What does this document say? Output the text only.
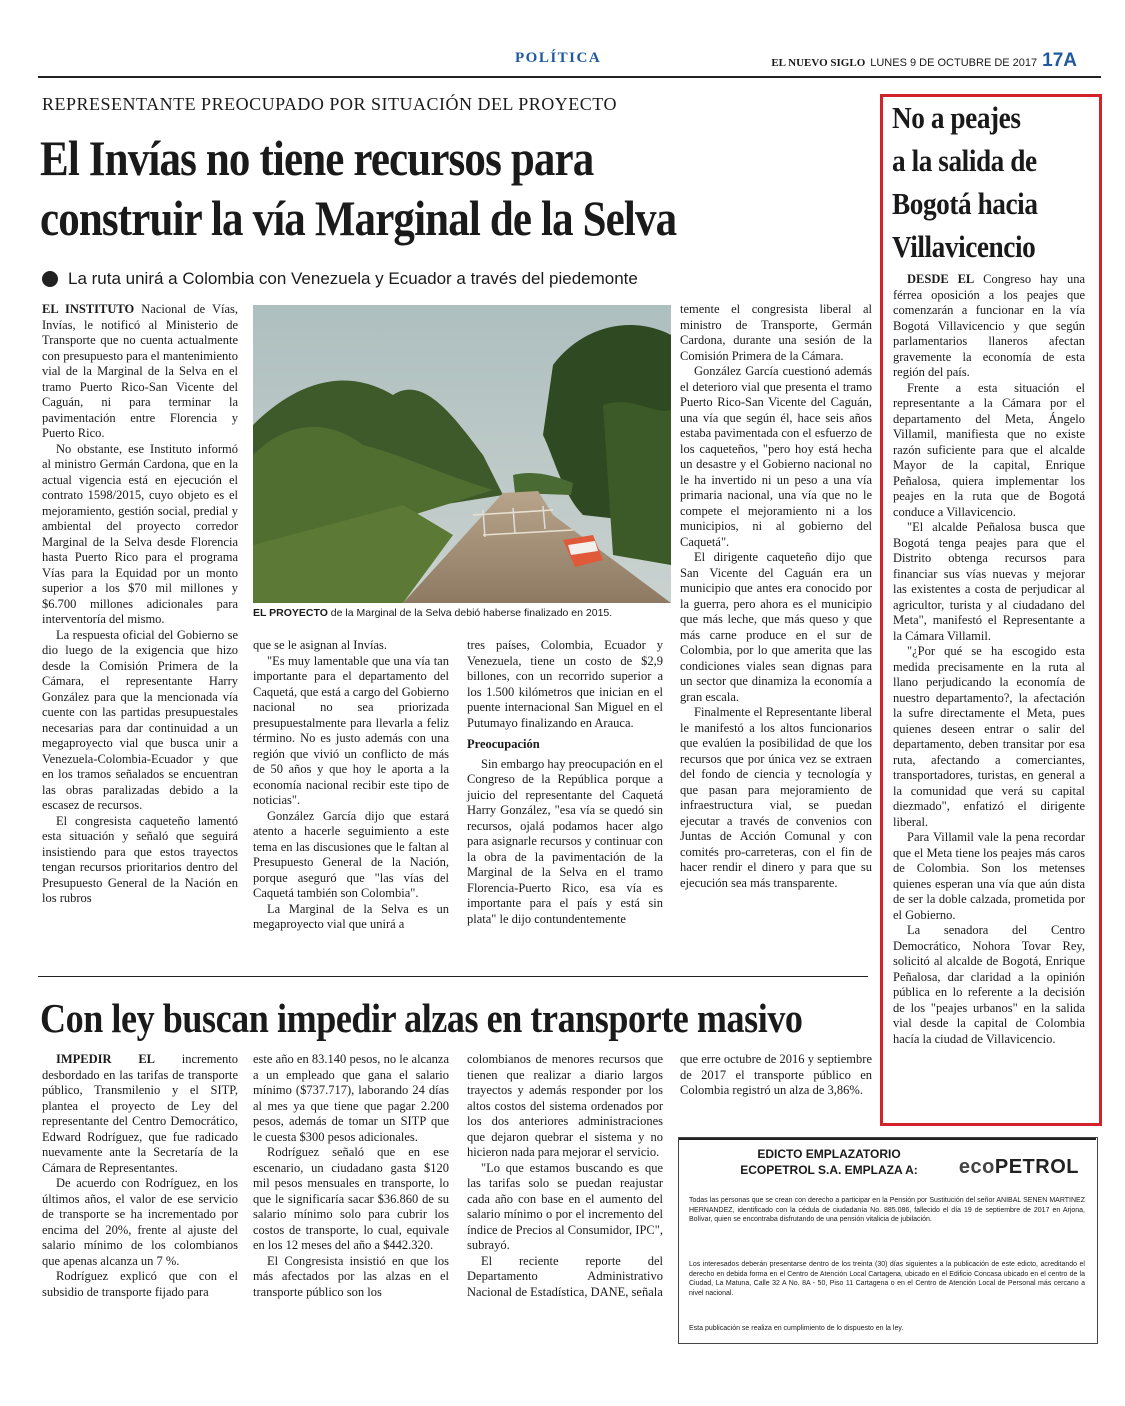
POLÍTICA	EL NUEVO SIGLO LUNES 9 DE OCTUBRE DE 2017 17A
REPRESENTANTE PREOCUPADO POR SITUACIÓN DEL PROYECTO
El Invías no tiene recursos para
construir la vía Marginal de la Selva
La ruta unirá a Colombia con Venezuela y Ecuador a través del piedemonte

EL INSTITUTO Nacional de Vías, Invías, le notificó al Ministerio de Transporte que no cuenta actualmente con presupuesto para el mantenimiento vial de la Marginal de la Selva en el tramo Puerto Rico-San Vicente del Caguán, ni para terminar la pavimentación entre Florencia y Puerto Rico.

No obstante, ese Instituto informó al ministro Germán Cardona, que en la actual vigencia está en ejecución el contrato 1598/2015, cuyo objeto es el mejoramiento, gestión social, predial y ambiental del proyecto corredor Marginal de la Selva desde Florencia hasta Puerto Rico para el programa Vías para la Equidad por un monto superior a los $70 mil millones y $6.700 millones adicionales para interventoría del mismo.

La respuesta oficial del Gobierno se dio luego de la exigencia que hizo desde la Comisión Primera de la Cámara, el representante Harry González para que la mencionada vía cuente con las partidas presupuestales necesarias para dar continuidad a un megaproyecto vial que busca unir a Venezuela-Colombia-Ecuador y que en los tramos señalados se encuentran las obras paralizadas debido a la escasez de recursos.

El congresista caqueteño lamentó esta situación y señaló que seguirá insistiendo para que estos trayectos tengan recursos prioritarios dentro del Presupuesto General de la Nación en los rubros

EL PROYECTO de la Marginal de la Selva debió haberse finalizado en 2015.

que se le asignan al Invías.

"Es muy lamentable que una vía tan importante para el departamento del Caquetá, que está a cargo del Gobierno nacional no sea priorizada presupuestalmente para llevarla a feliz término. No es justo además con una región que vivió un conflicto de más de 50 años y que hoy le aporta a la economía nacional recibir este tipo de noticias".

González García dijo que estará atento a hacerle seguimiento a este tema en las discusiones que le faltan al Presupuesto General de la Nación, porque aseguró que "las vías del Caquetá también son Colombia".

La Marginal de la Selva es un megaproyecto vial que unirá a

tres países, Colombia, Ecuador y Venezuela, tiene un costo de $2,9 billones, con un recorrido superior a los 1.500 kilómetros que inician en el puente internacional San Miguel en el Putumayo finalizando en Arauca.

Preocupación

Sin embargo hay preocupación en el Congreso de la República porque a juicio del representante del Caquetá Harry González, "esa vía se quedó sin recursos, ojalá podamos hacer algo para asignarle recursos y continuar con la obra de la pavimentación de la Marginal de la Selva en el tramo Florencia-Puerto Rico, esa vía es importante para el país y está sin plata" le dijo contundentemente

temente el congresista liberal al ministro de Transporte, Germán Cardona, durante una sesión de la Comisión Primera de la Cámara.

González García cuestionó además el deterioro vial que presenta el tramo Puerto Rico-San Vicente del Caguán, una vía que según él, hace seis años estaba pavimentada con el esfuerzo de los caqueteños, "pero hoy está hecha un desastre y el Gobierno nacional no le ha invertido ni un peso a una vía primaria nacional, una vía que no le compete el mejoramiento ni a los municipios, ni al gobierno del Caquetá".

El dirigente caqueteño dijo que San Vicente del Caguán era un municipio que antes era conocido por la guerra, pero ahora es el municipio que más leche, que más queso y que más carne produce en el sur de Colombia, por lo que amerita que las condiciones viales sean dignas para un sector que dinamiza la economía a gran escala.

Finalmente el Representante liberal le manifestó a los altos funcionarios que evalúen la posibilidad de que los recursos que por única vez se extraen del fondo de ciencia y tecnología y que pasan para mejoramiento de infraestructura vial, se puedan ejecutar a través de convenios con Juntas de Acción Comunal y con comités pro-carreteras, con el fin de hacer rendir el dinero y para que su ejecución sea más transparente.

No a peajes
a la salida de
Bogotá hacia
Villavicencio

DESDE EL Congreso hay una férrea oposición a los peajes que comenzarán a funcionar en la vía Bogotá Villavicencio y que según parlamentarios llaneros afectan gravemente la economía de esta región del país.

Frente a esta situación el representante a la Cámara por el departamento del Meta, Ángelo Villamil, manifiesta que no existe razón suficiente para que el alcalde Mayor de la capital, Enrique Peñalosa, quiera implementar los peajes en la ruta que de Bogotá conduce a Villavicencio.

"El alcalde Peñalosa busca que Bogotá tenga peajes para que el Distrito obtenga recursos para financiar sus vías nuevas y mejorar las existentes a costa de perjudicar al agricultor, turista y al ciudadano del Meta", manifestó el Representante a la Cámara Villamil.

"¿Por qué se ha escogido esta medida precisamente en la ruta al llano perjudicando la economía de nuestro departamento?, la afectación la sufre directamente el Meta, pues quienes deseen entrar o salir del departamento, deben transitar por esa ruta, afectando a comerciantes, transportadores, turistas, en general a la comunidad que verá su capital diezmado", enfatizó el dirigente liberal.

Para Villamil vale la pena recordar que el Meta tiene los peajes más caros de Colombia. Son los metenses quienes esperan una vía que aún dista de ser la doble calzada, prometida por el Gobierno.

La senadora del Centro Democrático, Nohora Tovar Rey, solicitó al alcalde de Bogotá, Enrique Peñalosa, dar claridad a la opinión pública en lo referente a la decisión de los "peajes urbanos" en la salida vial desde la capital de Colombia hacía la ciudad de Villavicencio.

Con ley buscan impedir alzas en transporte masivo

IMPEDIR EL incremento desbordado en las tarifas de transporte público, Transmilenio y el SITP, plantea el proyecto de Ley del representante del Centro Democrático, Edward Rodríguez, que fue radicado nuevamente ante la Secretaría de la Cámara de Representantes.

De acuerdo con Rodríguez, en los últimos años, el valor de ese servicio de transporte se ha incrementado por encima del 20%, frente al ajuste del salario mínimo de los colombianos que apenas alcanza un 7 %.

Rodríguez explicó que con el subsidio de transporte fijado para

este año en 83.140 pesos, no le alcanza a un empleado que gana el salario mínimo ($737.717), laborando 24 días al mes ya que tiene que pagar 2.200 pesos, además de tomar un SITP que le cuesta $300 pesos adicionales.

Rodríguez señaló que en ese escenario, un ciudadano gasta $120 mil pesos mensuales en transporte, lo que le significaría sacar $36.860 de su salario mínimo solo para cubrir los costos de transporte, lo cual, equivale en los 12 meses del año a $442.320.

El Congresista insistió en que los más afectados por las alzas en el transporte público son los

colombianos de menores recursos que tienen que realizar a diario largos trayectos y además responder por los altos costos del sistema ordenados por los dos anteriores administraciones que dejaron quebrar el sistema y no hicieron nada para mejorar el servicio.

"Lo que estamos buscando es que las tarifas solo se puedan reajustar cada año con base en el aumento del salario mínimo o por el incremento del índice de Precios al Consumidor, IPC", subrayó.

El reciente reporte del Departamento Administrativo Nacional de Estadística, DANE, señala

que erre octubre de 2016 y septiembre de 2017 el transporte público en Colombia registró un alza de 3,86%.

EDICTO EMPLAZATORIO
ECOPETROL S.A. EMPLAZA A:	eco PETROL
Todas las personas que se crean con derecho a participar en la Pensión por Sustitución del señor ANIBAL SENEN MARTINEZ HERNANDEZ, identificado con la cédula de ciudadanía No. 885.086, fallecido el día 19 de septiembre de 2017 en Arjona, Bolívar, quien se encontraba disfrutando de una pensión vitalicia de jubilación.
Los interesados deberán presentarse dentro de los treinta (30) días siguientes a la publicación de este edicto, acreditando el derecho en debida forma en el Centro de Atención Local Cartagena, ubicado en el Edificio Concasa ubicado en el centro de la Ciudad, La Matuna, Calle 32 A No. 8A - 50, Piso 11 Cartagena o en el Centro de Atención Local de Personal más cercano a nivel nacional.
Esta publicación se realiza en cumplimiento de lo dispuesto en la ley.
